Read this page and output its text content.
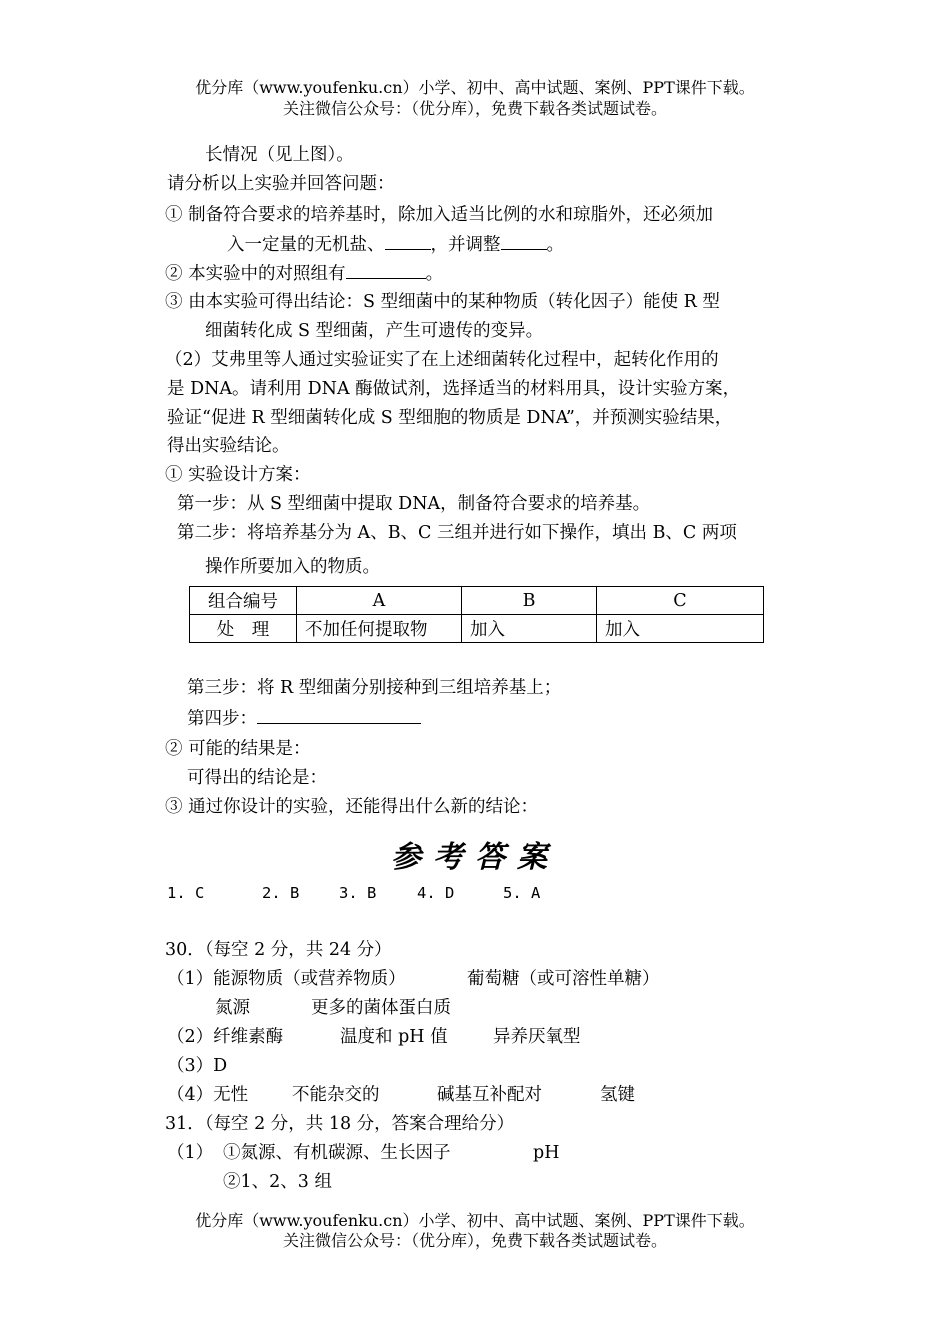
优分库（www.youfenku.cn）小学、初中、高中试题、案例、PPT课件下载。
关注微信公众号：（优分库），免费下载各类试题试卷。
长情况（见上图）。
请分析以上实验并回答问题：
① 制备符合要求的培养基时，除加入适当比例的水和琼脂外，还必须加
入一定量的无机盐、	，并调整	。
② 本实验中的对照组有	。
③ 由本实验可得出结论：S 型细菌中的某种物质（转化因子）能使 R 型
细菌转化成 S 型细菌，产生可遗传的变异。
（2）艾弗里等人通过实验证实了在上述细菌转化过程中，起转化作用的
是 DNA。请利用 DNA 酶做试剂，选择适当的材料用具，设计实验方案，
验证“促进 R 型细菌转化成 S 型细胞的物质是 DNA”，并预测实验结果，
得出实验结论。
① 实验设计方案：
第一步：从 S 型细菌中提取 DNA，制备符合要求的培养基。
第二步：将培养基分为 A、B、C 三组并进行如下操作，填出 B、C 两项
操作所要加入的物质。
组合编号	A	B	C
处　理	不加任何提取物	加入	加入
第三步：将 R 型细菌分别接种到三组培养基上；
第四步：
② 可能的结果是：
可得出的结论是：
③ 通过你设计的实验，还能得出什么新的结论：
参考答案
1. C	2. B	3. B	4. D	5. A
30．（每空 2 分，共 24 分）
（1）能源物质（或营养物质）	葡萄糖（或可溶性单糖）
氮源	更多的菌体蛋白质
（2）纤维素酶	温度和 pH 值	异养厌氧型
（3）D
（4）无性	不能杂交的	碱基互补配对	氢键
31．（每空 2 分，共 18 分，答案合理给分）
（1） ①氮源、有机碳源、生长因子	pH
②1、2、3 组
优分库（www.youfenku.cn）小学、初中、高中试题、案例、PPT课件下载。
关注微信公众号：（优分库），免费下载各类试题试卷。
